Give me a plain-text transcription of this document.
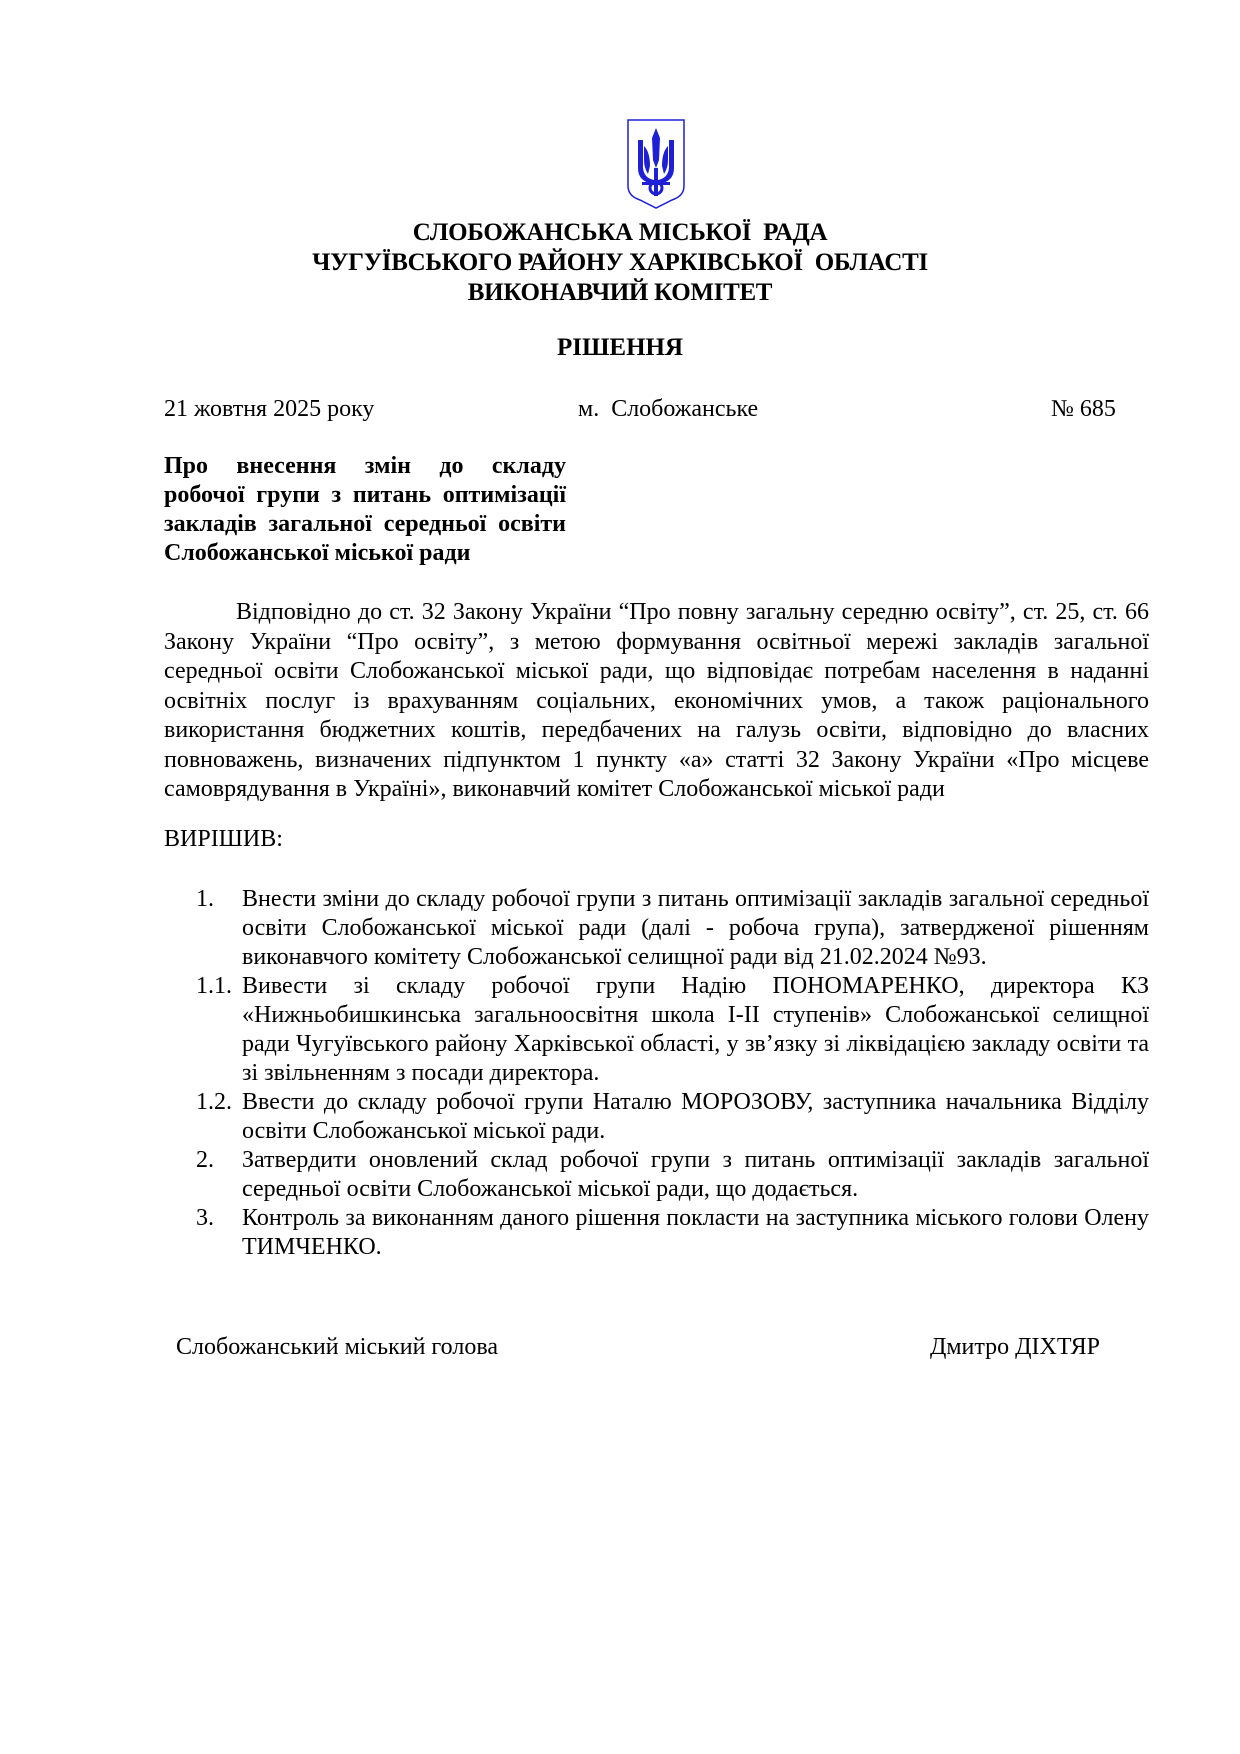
СЛОБОЖАНСЬКА МІСЬКОЇ  РАДА
ЧУГУЇВСЬКОГО РАЙОНУ ХАРКІВСЬКОЇ  ОБЛАСТІ
ВИКОНАВЧИЙ КОМІТЕТ
РІШЕННЯ
21 жовтня 2025 року	м.  Слобожанське	№ 685
Про внесення змін до складу
робочої групи з питань оптимізації
закладів загальної середньої освіти
Слобожанської міської ради
Відповідно до ст. 32 Закону України “Про повну загальну середню освіту”, ст. 25, ст. 66 Закону України “Про освіту”, з метою формування освітньої мережі закладів загальної середньої освіти Слобожанської міської ради, що відповідає потребам населення в наданні освітніх послуг із врахуванням соціальних, економічних умов, а також раціонального використання бюджетних коштів, передбачених на галузь освіти, відповідно до власних повноважень, визначених підпунктом 1 пункту «а» статті 32 Закону України «Про місцеве самоврядування в Україні», виконавчий комітет Слобожанської міської ради
ВИРІШИВ:
1. Внести зміни до складу робочої групи з питань оптимізації закладів загальної середньої освіти Слобожанської міської ради (далі - робоча група), затвердженої рішенням виконавчого комітету Слобожанської селищної ради від 21.02.2024 №93.
1.1. Вивести зі складу робочої групи Надію ПОНОМАРЕНКО, директора КЗ «Нижньобишкинська загальноосвітня школа І-ІІ ступенів» Слобожанської селищної ради Чугуївського району Харківської області, у зв’язку зі ліквідацією закладу освіти та зі звільненням з посади директора.
1.2. Ввести до складу робочої групи Наталю МОРОЗОВУ, заступника начальника Відділу освіти Слобожанської міської ради.
2. Затвердити оновлений склад робочої групи з питань оптимізації закладів загальної середньої освіти Слобожанської міської ради, що додається.
3. Контроль за виконанням даного рішення покласти на заступника міського голови Олену ТИМЧЕНКО.
Слобожанський міський голова	Дмитро ДІХТЯР
